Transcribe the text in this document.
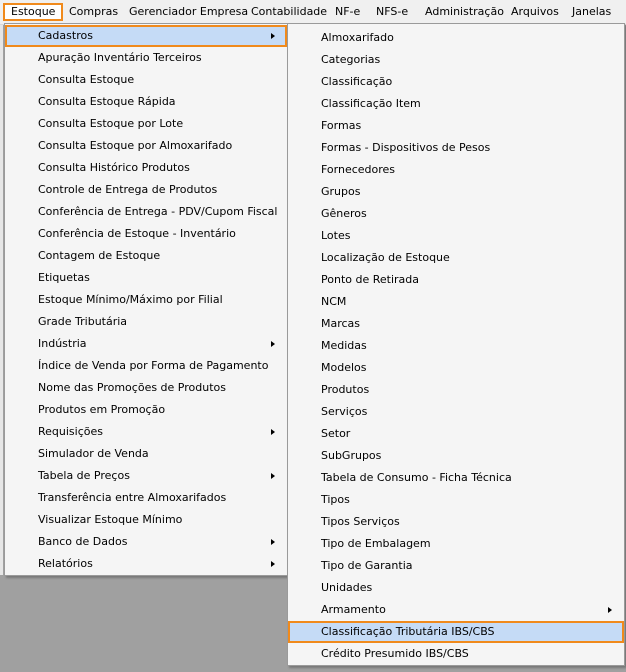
Estoque	Compras Gerenciador Empresa Contabilidade NF-e	NFS-e	Administração Arquivos	Janelas
Cadastros
Apuração Inventário Terceiros
Consulta Estoque
Consulta Estoque Rápida
Consulta Estoque por Lote
Consulta Estoque por Almoxarifado
Consulta Histórico Produtos
Controle de Entrega de Produtos
Conferência de Entrega - PDV/Cupom Fiscal
Conferência de Estoque - Inventário
Contagem de Estoque
Etiquetas
Estoque Mínimo/Máximo por Filial
Grade Tributária
Indústria
Índice de Venda por Forma de Pagamento
Nome das Promoções de Produtos
Produtos em Promoção
Requisições
Simulador de Venda
Tabela de Preços
Transferência entre Almoxarifados
Visualizar Estoque Mínimo
Banco de Dados
Relatórios
Almoxarifado
Categorias
Classificação
Classificação Item
Formas
Formas - Dispositivos de Pesos
Fornecedores
Grupos
Gêneros
Lotes
Localização de Estoque
Ponto de Retirada
NCM
Marcas
Medidas
Modelos
Produtos
Serviços
Setor
SubGrupos
Tabela de Consumo - Ficha Técnica
Tipos
Tipos Serviços
Tipo de Embalagem
Tipo de Garantia
Unidades
Armamento
Classificação Tributária IBS/CBS
Crédito Presumido IBS/CBS
